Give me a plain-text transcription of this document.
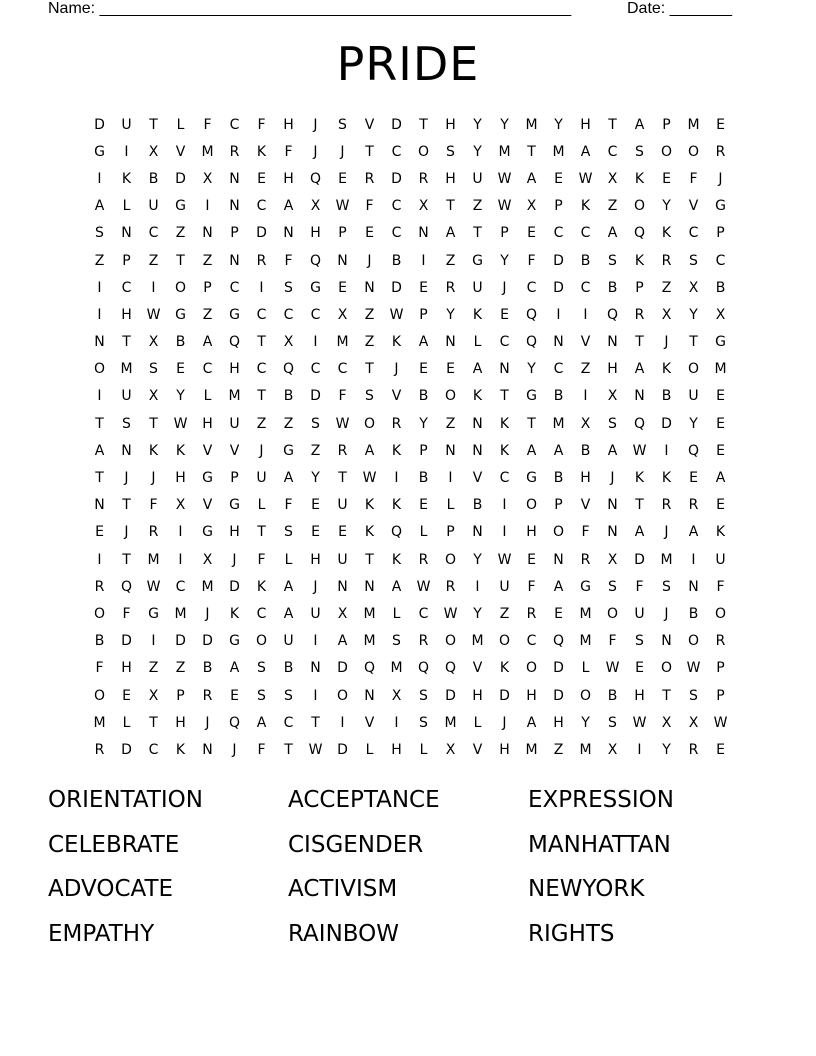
Name: _____________________________________________________	Date: _______
PRIDE
D	U	T	L	F	C	F	H	J	S	V	D	T	H	Y	Y	M	Y	H	T	A	P	M	E
G	I	X	V	M	R	K	F	J	J	T	C	O	S	Y	M	T	M	A	C	S	O	O	R
I	K	B	D	X	N	E	H	Q	E	R	D	R	H	U	W	A	E	W	X	K	E	F	J
A	L	U	G	I	N	C	A	X	W	F	C	X	T	Z	W	X	P	K	Z	O	Y	V	G
S	N	C	Z	N	P	D	N	H	P	E	C	N	A	T	P	E	C	C	A	Q	K	C	P
Z	P	Z	T	Z	N	R	F	Q	N	J	B	I	Z	G	Y	F	D	B	S	K	R	S	C
I	C	I	O	P	C	I	S	G	E	N	D	E	R	U	J	C	D	C	B	P	Z	X	B
I	H	W	G	Z	G	C	C	C	X	Z	W	P	Y	K	E	Q	I	I	Q	R	X	Y	X
N	T	X	B	A	Q	T	X	I	M	Z	K	A	N	L	C	Q	N	V	N	T	J	T	G
O	M	S	E	C	H	C	Q	C	C	T	J	E	E	A	N	Y	C	Z	H	A	K	O	M
I	U	X	Y	L	M	T	B	D	F	S	V	B	O	K	T	G	B	I	X	N	B	U	E
T	S	T	W	H	U	Z	Z	S	W	O	R	Y	Z	N	K	T	M	X	S	Q	D	Y	E
A	N	K	K	V	V	J	G	Z	R	A	K	P	N	N	K	A	A	B	A	W	I	Q	E
T	J	J	H	G	P	U	A	Y	T	W	I	B	I	V	C	G	B	H	J	K	K	E	A
N	T	F	X	V	G	L	F	E	U	K	K	E	L	B	I	O	P	V	N	T	R	R	E
E	J	R	I	G	H	T	S	E	E	K	Q	L	P	N	I	H	O	F	N	A	J	A	K
I	T	M	I	X	J	F	L	H	U	T	K	R	O	Y	W	E	N	R	X	D	M	I	U
R	Q	W	C	M	D	K	A	J	N	N	A	W	R	I	U	F	A	G	S	F	S	N	F
O	F	G	M	J	K	C	A	U	X	M	L	C	W	Y	Z	R	E	M	O	U	J	B	O
B	D	I	D	D	G	O	U	I	A	M	S	R	O	M	O	C	Q	M	F	S	N	O	R
F	H	Z	Z	B	A	S	B	N	D	Q	M	Q	Q	V	K	O	D	L	W	E	O	W	P
O	E	X	P	R	E	S	S	I	O	N	X	S	D	H	D	H	D	O	B	H	T	S	P
M	L	T	H	J	Q	A	C	T	I	V	I	S	M	L	J	A	H	Y	S	W	X	X	W
R	D	C	K	N	J	F	T	W	D	L	H	L	X	V	H	M	Z	M	X	I	Y	R	E
ORIENTATION	ACCEPTANCE	EXPRESSION
CELEBRATE	CISGENDER	MANHATTAN
ADVOCATE	ACTIVISM	NEWYORK
EMPATHY	RAINBOW	RIGHTS
